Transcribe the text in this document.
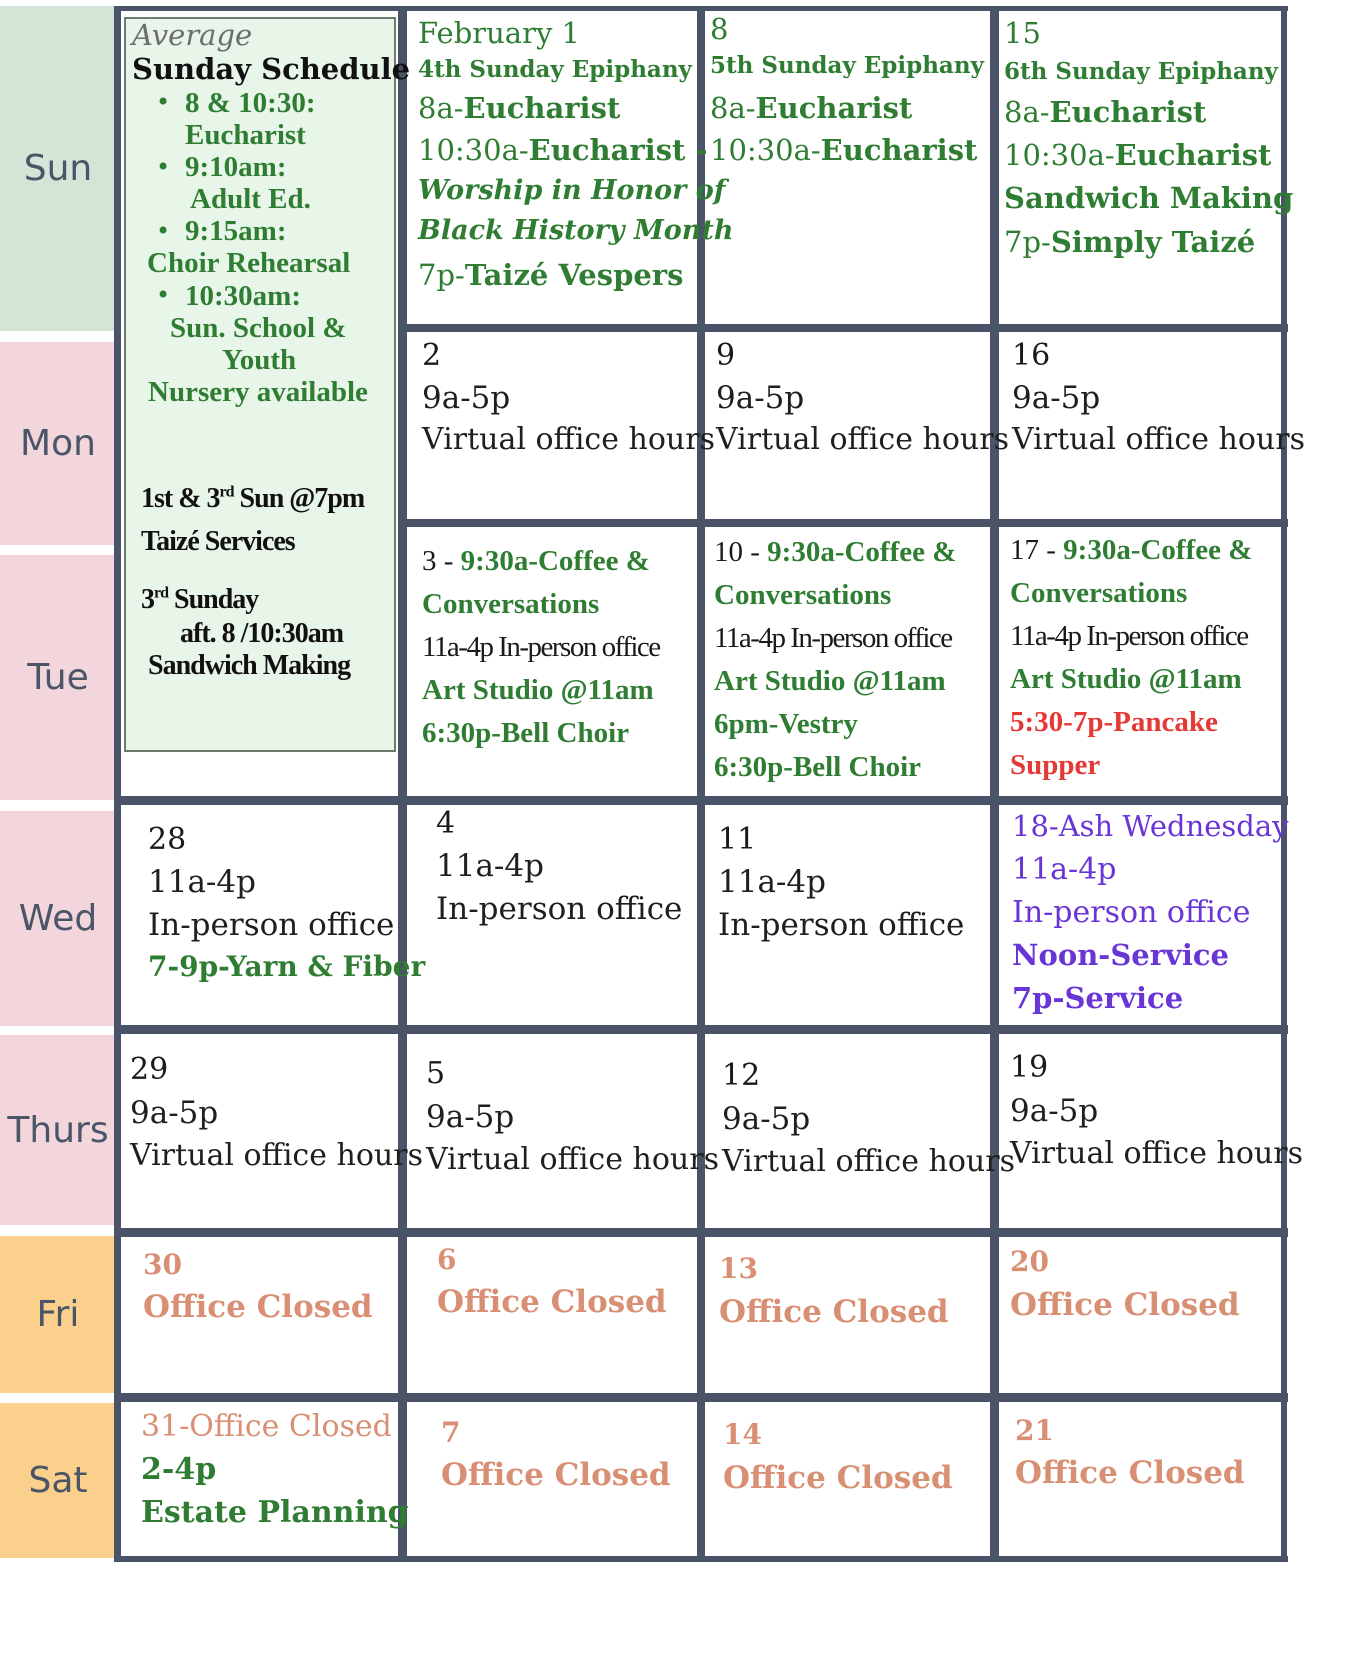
Sun
Mon
Tue
Wed
Thurs
Fri
Sat
Average
Sunday Schedule
• 8 & 10:30:
Eucharist
• 9:10am:
Adult Ed.
• 9:15am:
Choir Rehearsal
• 10:30am:
Sun. School &
Youth
Nursery available
1st & 3rd Sun @7pm
Taizé Services
3rd Sunday
aft. 8 /10:30am
Sandwich Making
February 1
4th Sunday Epiphany
8a-Eucharist
10:30a-Eucharist -
Worship in Honor of
Black History Month
7p-Taizé Vespers
8
5th Sunday Epiphany
8a-Eucharist
10:30a-Eucharist
15
6th Sunday Epiphany
8a-Eucharist
10:30a-Eucharist
Sandwich Making
7p-Simply Taizé
2
9a-5p
Virtual office hours
9
9a-5p
Virtual office hours
16
9a-5p
Virtual office hours
3 - 9:30a-Coffee &
Conversations
11a-4p In-person office
Art Studio @11am
6:30p-Bell Choir
10 - 9:30a-Coffee &
Conversations
11a-4p In-person office
Art Studio @11am
6pm-Vestry
6:30p-Bell Choir
17 - 9:30a-Coffee &
Conversations
11a-4p In-person office
Art Studio @11am
5:30-7p-Pancake
Supper
28
11a-4p
In-person office
7-9p-Yarn & Fiber
4
11a-4p
In-person office
11
11a-4p
In-person office
18-Ash Wednesday
11a-4p
In-person office
Noon-Service
7p-Service
29
9a-5p
Virtual office hours
5
9a-5p
Virtual office hours
12
9a-5p
Virtual office hours
19
9a-5p
Virtual office hours
30
Office Closed
6
Office Closed
13
Office Closed
20
Office Closed
31-Office Closed
2-4p
Estate Planning
7
Office Closed
14
Office Closed
21
Office Closed
